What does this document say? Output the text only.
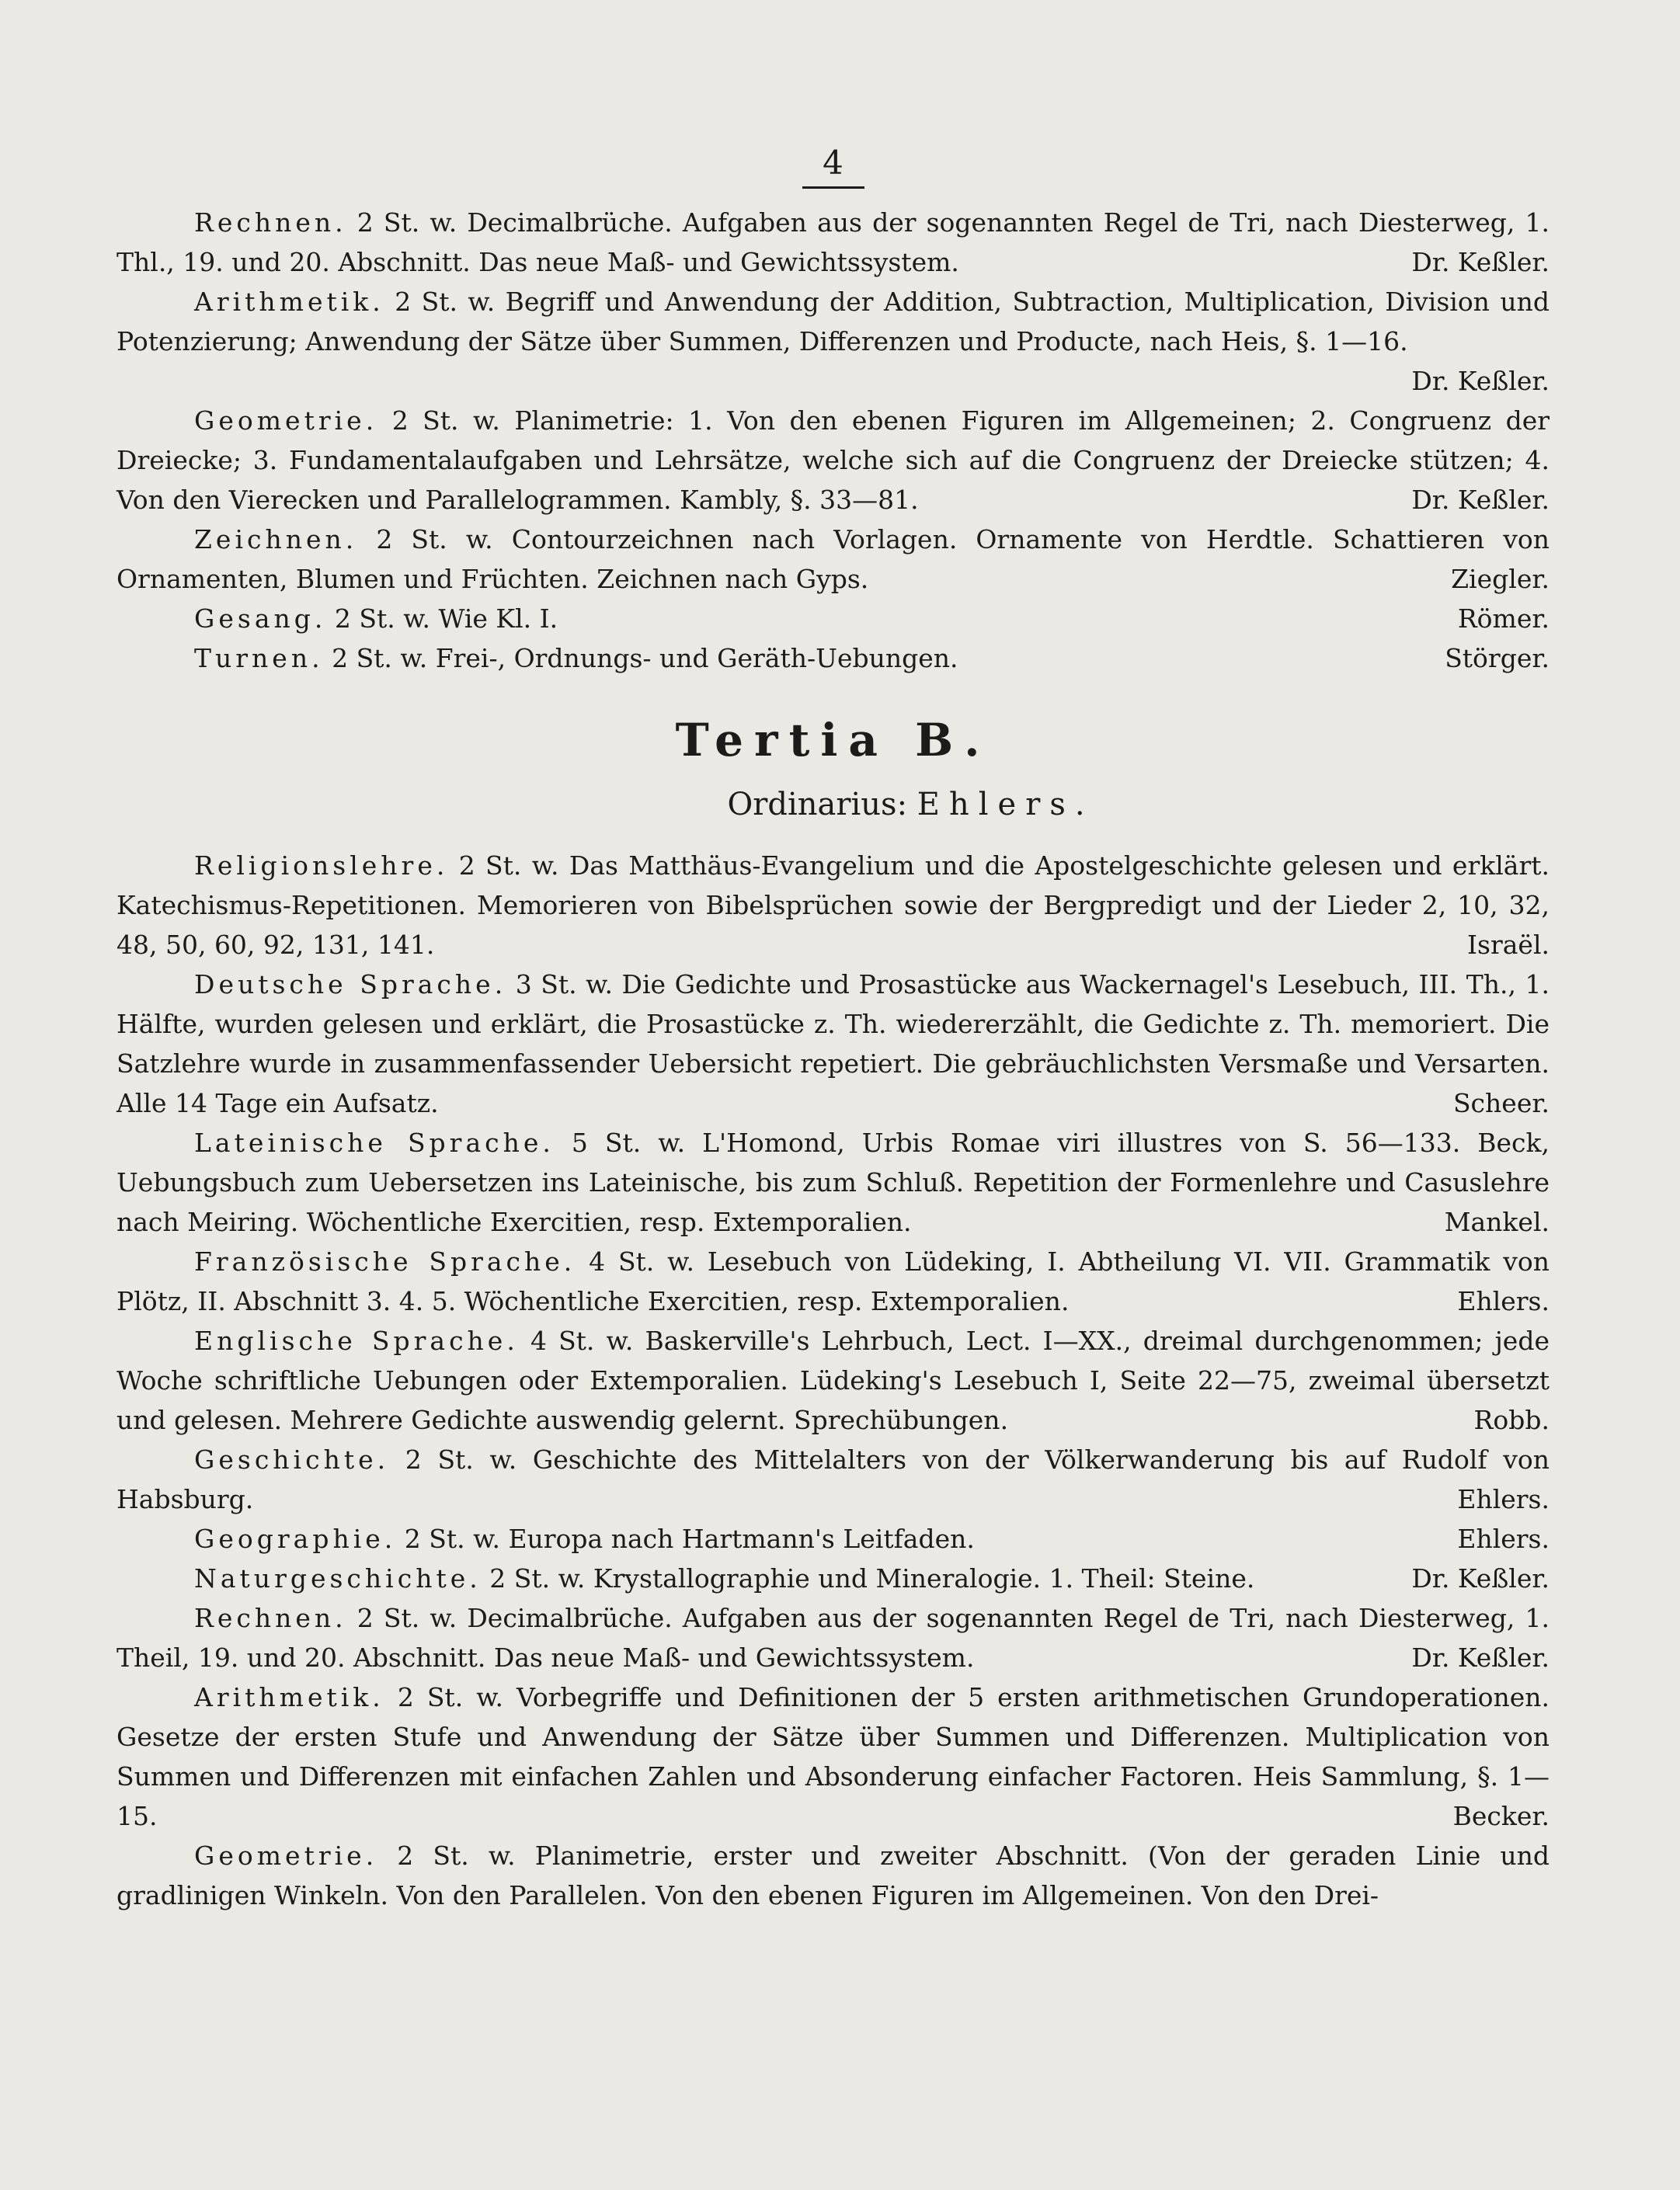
4
Rechnen. 2 St. w. Decimalbrüche. Aufgaben aus der sogenannten Regel de Tri, nach Diesterweg, 1. Thl., 19. und 20. Abschnitt. Das neue Maß- und Gewichtssystem.	Dr. Keßler.
Arithmetik. 2 St. w. Begriff und Anwendung der Addition, Subtraction, Multiplication, Division und Potenzierung; Anwendung der Sätze über Summen, Differenzen und Producte, nach Heis, §. 1—16.
Dr. Keßler.
Geometrie. 2 St. w. Planimetrie: 1. Von den ebenen Figuren im Allgemeinen; 2. Congruenz der Dreiecke; 3. Fundamentalaufgaben und Lehrsätze, welche sich auf die Congruenz der Dreiecke stützen; 4. Von den Vierecken und Parallelogrammen. Kambly, §. 33—81.	Dr. Keßler.
Zeichnen. 2 St. w. Contourzeichnen nach Vorlagen. Ornamente von Herdtle. Schattieren von Ornamenten, Blumen und Früchten. Zeichnen nach Gyps.	Ziegler.
Gesang. 2 St. w. Wie Kl. I.	Römer.
Turnen. 2 St. w. Frei-, Ordnungs- und Geräth-Uebungen.	Störger.
Tertia B.
Ordinarius: Ehlers.
Religionslehre. 2 St. w. Das Matthäus-Evangelium und die Apostelgeschichte gelesen und erklärt. Katechismus-Repetitionen. Memorieren von Bibelsprüchen sowie der Bergpredigt und der Lieder 2, 10, 32, 48, 50, 60, 92, 131, 141.	Israël.
Deutsche Sprache. 3 St. w. Die Gedichte und Prosastücke aus Wackernagel's Lesebuch, III. Th., 1. Hälfte, wurden gelesen und erklärt, die Prosastücke z. Th. wiedererzählt, die Gedichte z. Th. memoriert. Die Satzlehre wurde in zusammenfassender Uebersicht repetiert. Die gebräuchlichsten Versmaße und Versarten. Alle 14 Tage ein Aufsatz.	Scheer.
Lateinische Sprache. 5 St. w. L'Homond, Urbis Romae viri illustres von S. 56—133. Beck, Uebungsbuch zum Uebersetzen ins Lateinische, bis zum Schluß. Repetition der Formenlehre und Casuslehre nach Meiring. Wöchentliche Exercitien, resp. Extemporalien.	Mankel.
Französische Sprache. 4 St. w. Lesebuch von Lüdeking, I. Abtheilung VI. VII. Grammatik von Plötz, II. Abschnitt 3. 4. 5. Wöchentliche Exercitien, resp. Extemporalien.	Ehlers.
Englische Sprache. 4 St. w. Baskerville's Lehrbuch, Lect. I—XX., dreimal durchgenommen; jede Woche schriftliche Uebungen oder Extemporalien. Lüdeking's Lesebuch I, Seite 22—75, zweimal übersetzt und gelesen. Mehrere Gedichte auswendig gelernt. Sprechübungen.	Robb.
Geschichte. 2 St. w. Geschichte des Mittelalters von der Völkerwanderung bis auf Rudolf von Habsburg.	Ehlers.
Geographie. 2 St. w. Europa nach Hartmann's Leitfaden.	Ehlers.
Naturgeschichte. 2 St. w. Krystallographie und Mineralogie. 1. Theil: Steine.	Dr. Keßler.
Rechnen. 2 St. w. Decimalbrüche. Aufgaben aus der sogenannten Regel de Tri, nach Diesterweg, 1. Theil, 19. und 20. Abschnitt. Das neue Maß- und Gewichtssystem.	Dr. Keßler.
Arithmetik. 2 St. w. Vorbegriffe und Definitionen der 5 ersten arithmetischen Grundoperationen. Gesetze der ersten Stufe und Anwendung der Sätze über Summen und Differenzen. Multiplication von Summen und Differenzen mit einfachen Zahlen und Absonderung einfacher Factoren. Heis Sammlung, §. 1—15.	Becker.
Geometrie. 2 St. w. Planimetrie, erster und zweiter Abschnitt. (Von der geraden Linie und gradlinigen Winkeln. Von den Parallelen. Von den ebenen Figuren im Allgemeinen. Von den Drei-
